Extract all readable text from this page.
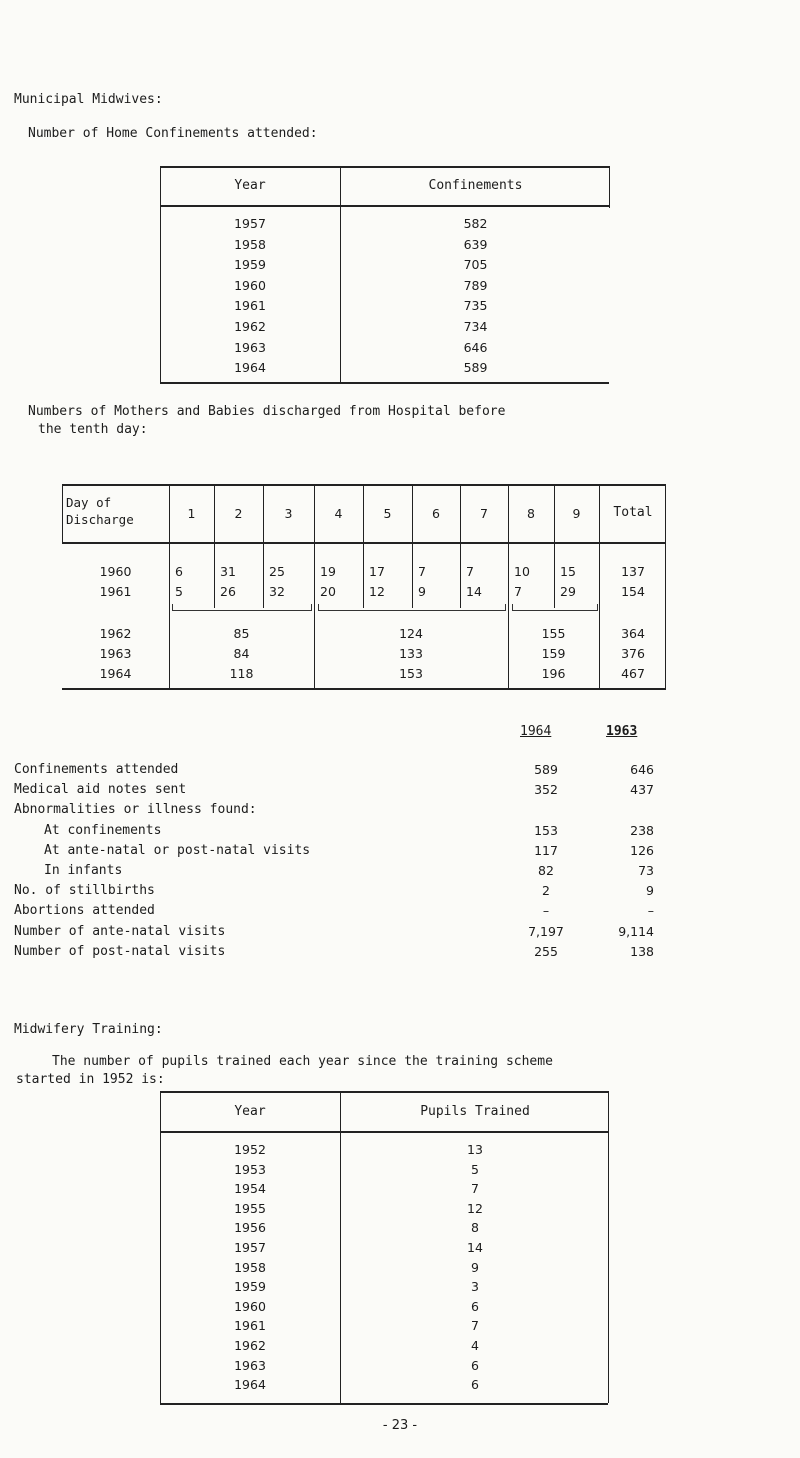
Municipal Midwives:
Number of Home Confinements attended:
Year	Confinements
1957	582
1958	639
1959	705
1960	789
1961	735
1962	734
1963	646
1964	589
Numbers of Mothers and Babies discharged from Hospital before
the tenth day:
Day of
Discharge	1	2	3	4	5	6	7	8	9	Total
1960	6	31	25	19	17	7	7	10	15	137
1961	5	26	32	20	12	9	14	7	29	154
1962	85	124	155	364
1963	84	133	159	376
1964	118	153	196	467
1964	1963
Confinements attended	589	646
Medical aid notes sent	352	437
Abnormalities or illness found:
At confinements	153	238
At ante-natal or post-natal visits	117	126
In infants	82	73
No. of stillbirths	2	9
Abortions attended	–	–
Number of ante-natal visits	7,197	9,114
Number of post-natal visits	255	138
Midwifery Training:
The number of pupils trained each year since the training scheme
started in 1952 is:
Year	Pupils Trained
1952	13
1953	5
1954	7
1955	12
1956	8
1957	14
1958	9
1959	3
1960	6
1961	7
1962	4
1963	6
1964	6
- 23 -
